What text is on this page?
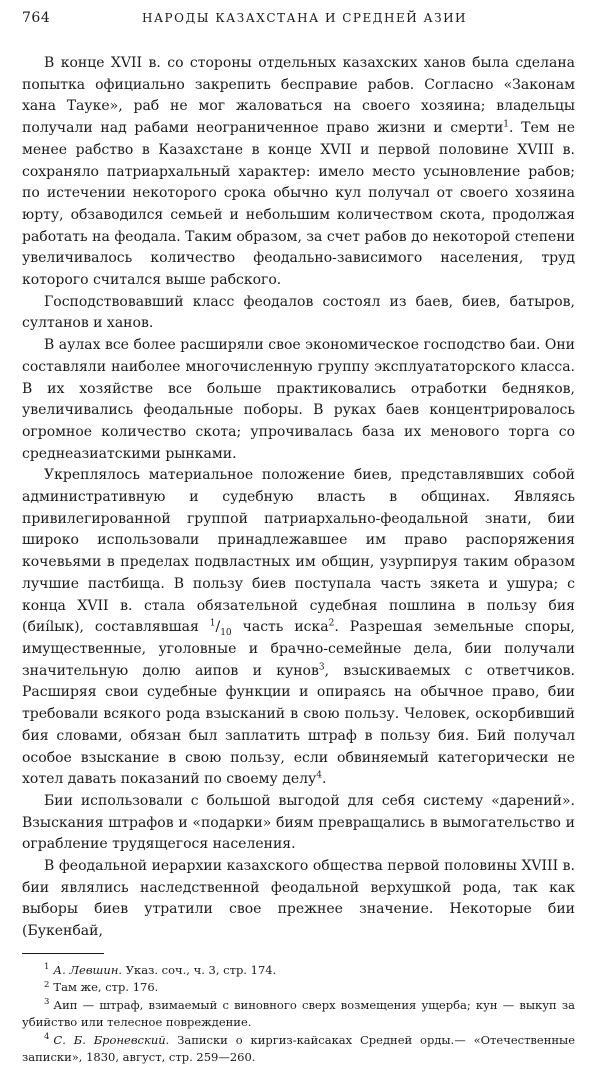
764	НАРОДЫ КАЗАХСТАНА И СРЕДНЕЙ АЗИИ

В конце XVII в. со стороны отдельных казахских ханов была сделана попытка официально закрепить бесправие рабов. Согласно «Законам хана Тауке», раб не мог жаловаться на своего хозяина; владельцы получали над рабами неограниченное право жизни и смерти$^1$. Тем не менее рабство в Казахстане в конце XVII и первой половине XVIII в. сохраняло патриархальный характер: имело место усыновление рабов; по истечении некоторого срока обычно кул получал от своего хозяина юрту, обзаводился семьей и небольшим количеством скота, продолжая работать на феодала. Таким образом, за счет рабов до некоторой степени увеличивалось количество феодально-зависимого населения, труд которого считался выше рабского.

Господствовавший класс феодалов состоял из баев, биев, батыров, султанов и ханов.

В аулах все более расширяли свое экономическое господство баи. Они составляли наиболее многочисленную группу эксплуататорского класса. В их хозяйстве все больше практиковались отработки бедняков, увеличивались феодальные поборы. В руках баев концентрировалось огромное количество скота; упрочивалась база их менового торга со среднеазиатскими рынками.

Укреплялось материальное положение биев, представлявших собой административную и судебную власть в общинах. Являясь привилегированной группой патриархально-феодальной знати, бии широко использовали принадлежавшее им право распоряжения кочевьями в пределах подвластных им общин, узурпируя таким образом лучшие пастбища. В пользу биев поступала часть зякета и ушура; с конца XVII в. стала обязательной судебная пошлина в пользу бия (биílык), составлявшая $^1/_{10}$ часть иска$^2$. Разрешая земельные споры, имущественные, уголовные и брачно-семейные дела, бии получали значительную долю аипов и кунов$^3$, взыскиваемых с ответчиков. Расширяя свои судебные функции и опираясь на обычное право, бии требовали всякого рода взысканий в свою пользу. Человек, оскорбивший бия словами, обязан был заплатить штраф в пользу бия. Бий получал особое взыскание в свою пользу, если обвиняемый категорически не хотел давать показаний по своему делу$^4$.

Бии использовали с большой выгодой для себя систему «дарений». Взыскания штрафов и «подарки» биям превращались в вымогательство и ограбление трудящегося населения.

В феодальной иерархии казахского общества первой половины XVIII в. бии являлись наследственной феодальной верхушкой рода, так как выборы биев утратили свое прежнее значение. Некоторые бии (Букенбай,

$^1$ А. Левшин. Указ. соч., ч. 3, стр. 174.

$^2$ Там же, стр. 176.

$^3$ Аип — штраф, взимаемый с виновного сверх возмещения ущерба; кун — выкуп за убийство или телесное повреждение.

$^4$ С. Б. Броневский. Записки о киргиз-кайсаках Средней орды.— «Отечественные записки», 1830, август, стр. 259—260.
